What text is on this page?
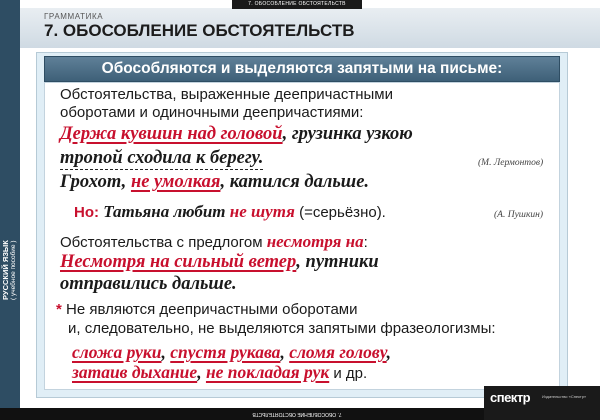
РУССКИЙ ЯЗЫК ( учебное пособие )
7. ОБОСОБЛЕНИЕ ОБСТОЯТЕЛЬСТВ
ГРАММАТИКА
7. ОБОСОБЛЕНИЕ ОБСТОЯТЕЛЬСТВ
Обособляются и выделяются запятыми на письме:

Обстоятельства, выраженные деепричастными

оборотами и одиночными деепричастиями:

Держа кувшин над головой, грузинка узкою

тропой сходила к берегу.	(М. Лермонтов)

Грохот, не умолкая, катился дальше.

Но: Татьяна любит не шутя (=серьёзно).	(А. Пушкин)

Обстоятельства с предлогом несмотря на:

Несмотря на сильный ветер, путники

отправились дальше.

* Не являются деепричастными оборотами

и, следовательно, не выделяются запятыми фразеологизмы:

сложа руки, спустя рукава, сломя голову,

затаив дыхание, не покладая рук и др.

7. ОБОСОБЛЕНИЕ ОБСТОЯТЕЛЬСТВ
спектр	Издательство «Спектр»
